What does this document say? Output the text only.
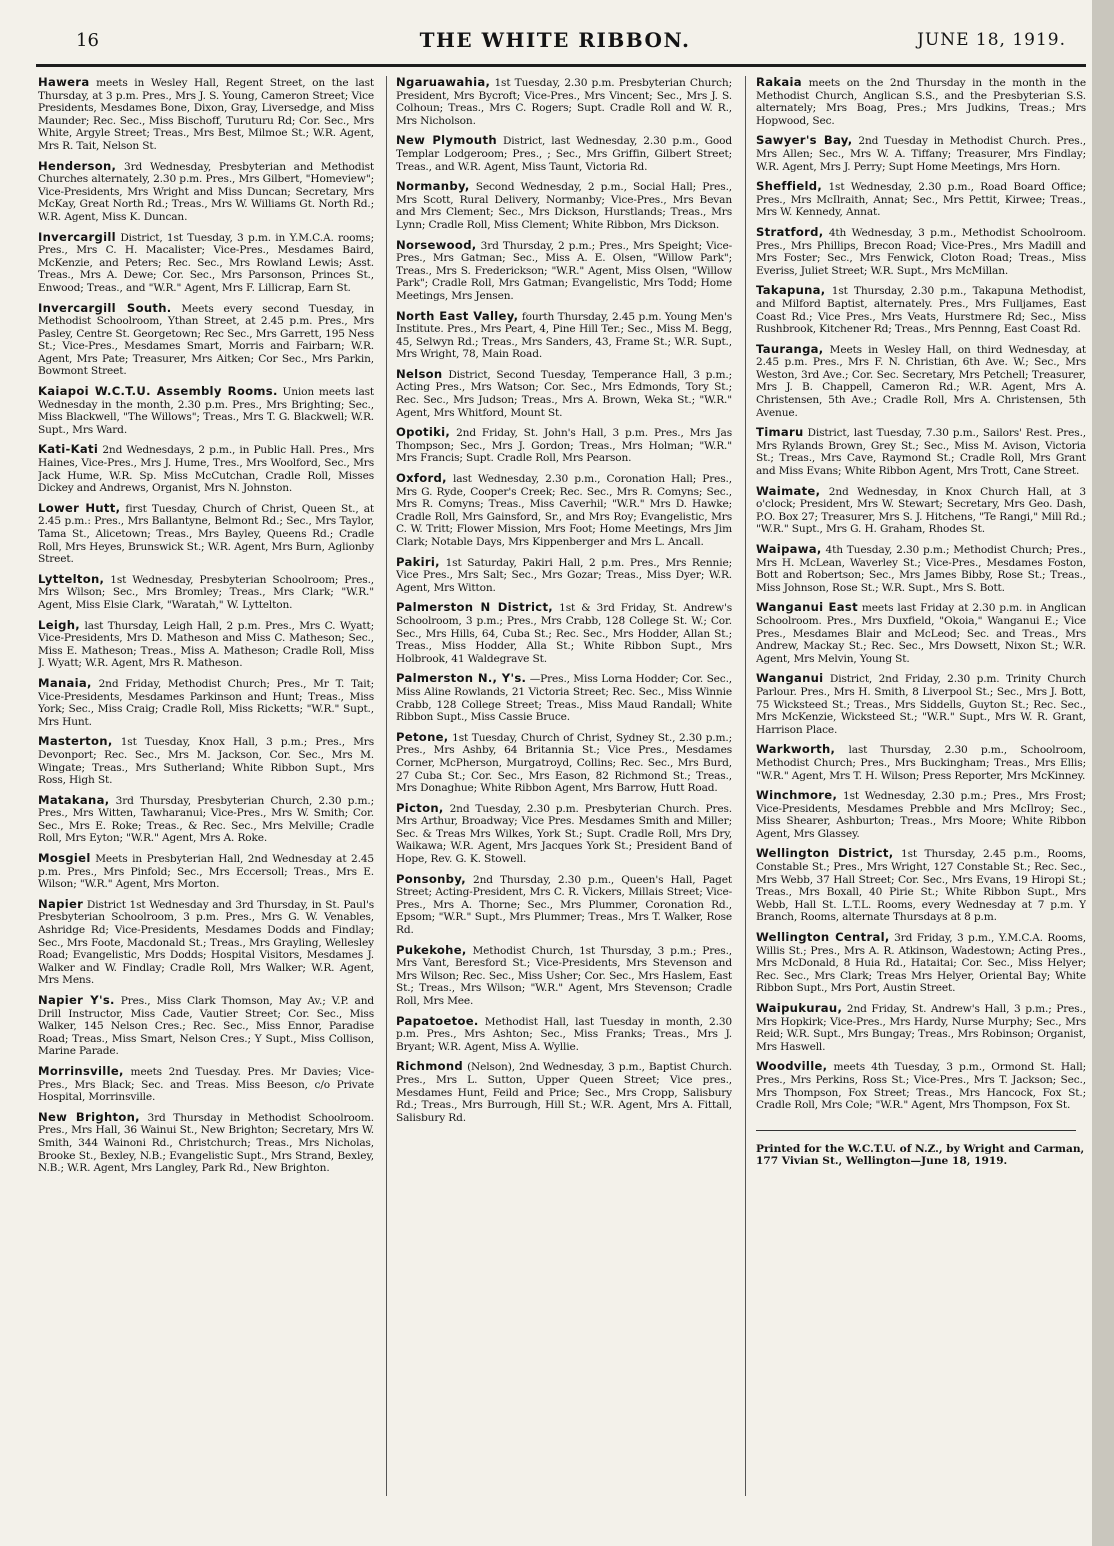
16	THE WHITE RIBBON.	JUNE 18, 1919.

Hawera meets in Wesley Hall, Regent Street, on the last Thursday, at 3 p.m. Pres., Mrs J. S. Young, Cameron Street; Vice Presidents, Mesdames Bone, Dixon, Gray, Liversedge, and Miss Maunder; Rec. Sec., Miss Bischoff, Turuturu Rd; Cor. Sec., Mrs White, Argyle Street; Treas., Mrs Best, Milmoe St.; W.R. Agent, Mrs R. Tait, Nelson St.

Henderson, 3rd Wednesday, Presbyterian and Methodist Churches alternately, 2.30 p.m. Pres., Mrs Gilbert, "Homeview"; Vice-Presidents, Mrs Wright and Miss Duncan; Secretary, Mrs McKay, Great North Rd.; Treas., Mrs W. Williams Gt. North Rd.; W.R. Agent, Miss K. Duncan.

Invercargill District, 1st Tuesday, 3 p.m. in Y.M.C.A. rooms; Pres., Mrs C. H. Macalister; Vice-Pres., Mesdames Baird, McKenzie, and Peters; Rec. Sec., Mrs Rowland Lewis; Asst. Treas., Mrs A. Dewe; Cor. Sec., Mrs Parsonson, Princes St., Enwood; Treas., and "W.R." Agent, Mrs F. Lillicrap, Earn St.

Invercargill South. Meets every second Tuesday, in Methodist Schoolroom, Ythan Street, at 2.45 p.m. Pres., Mrs Pasley, Centre St. Georgetown; Rec Sec., Mrs Garrett, 195 Ness St.; Vice-Pres., Mesdames Smart, Morris and Fairbarn; W.R. Agent, Mrs Pate; Treasurer, Mrs Aitken; Cor Sec., Mrs Parkin, Bowmont Street.

Kaiapoi W.C.T.U. Assembly Rooms. Union meets last Wednesday in the month, 2.30 p.m. Pres., Mrs Brighting; Sec., Miss Blackwell, "The Willows"; Treas., Mrs T. G. Blackwell; W.R. Supt., Mrs Ward.

Kati-Kati 2nd Wednesdays, 2 p.m., in Public Hall. Pres., Mrs Haines, Vice-Pres., Mrs J. Hume, Tres., Mrs Woolford, Sec., Mrs Jack Hume, W.R. Sp. Miss McCutchan, Cradle Roll, Misses Dickey and Andrews, Organist, Mrs N. Johnston.

Lower Hutt, first Tuesday, Church of Christ, Queen St., at 2.45 p.m.: Pres., Mrs Ballantyne, Belmont Rd.; Sec., Mrs Taylor, Tama St., Alicetown; Treas., Mrs Bayley, Queens Rd.; Cradle Roll, Mrs Heyes, Brunswick St.; W.R. Agent, Mrs Burn, Aglionby Street.

Lyttelton, 1st Wednesday, Presbyterian Schoolroom; Pres., Mrs Wilson; Sec., Mrs Bromley; Treas., Mrs Clark; "W.R." Agent, Miss Elsie Clark, "Waratah," W. Lyttelton.

Leigh, last Thursday, Leigh Hall, 2 p.m. Pres., Mrs C. Wyatt; Vice-Presidents, Mrs D. Matheson and Miss C. Matheson; Sec., Miss E. Matheson; Treas., Miss A. Matheson; Cradle Roll, Miss J. Wyatt; W.R. Agent, Mrs R. Matheson.

Manaia, 2nd Friday, Methodist Church; Pres., Mr T. Tait; Vice-Presidents, Mesdames Parkinson and Hunt; Treas., Miss York; Sec., Miss Craig; Cradle Roll, Miss Ricketts; "W.R." Supt., Mrs Hunt.

Masterton, 1st Tuesday, Knox Hall, 3 p.m.; Pres., Mrs Devonport; Rec. Sec., Mrs M. Jackson, Cor. Sec., Mrs M. Wingate; Treas., Mrs Sutherland; White Ribbon Supt., Mrs Ross, High St.

Matakana, 3rd Thursday, Presbyterian Church, 2.30 p.m.; Pres., Mrs Witten, Tawharanui; Vice-Pres., Mrs W. Smith; Cor. Sec., Mrs E. Roke; Treas., & Rec. Sec., Mrs Melville; Cradle Roll, Mrs Eyton; "W.R." Agent, Mrs A. Roke.

Mosgiel Meets in Presbyterian Hall, 2nd Wednesday at 2.45 p.m. Pres., Mrs Pinfold; Sec., Mrs Eccersoll; Treas., Mrs E. Wilson; "W.R." Agent, Mrs Morton.

Napier District 1st Wednesday and 3rd Thursday, in St. Paul's Presbyterian Schoolroom, 3 p.m. Pres., Mrs G. W. Venables, Ashridge Rd; Vice-Presidents, Mesdames Dodds and Findlay; Sec., Mrs Foote, Macdonald St.; Treas., Mrs Grayling, Wellesley Road; Evangelistic, Mrs Dodds; Hospital Visitors, Mesdames J. Walker and W. Findlay; Cradle Roll, Mrs Walker; W.R. Agent, Mrs Mens.

Napier Y's. Pres., Miss Clark Thomson, May Av.; V.P. and Drill Instructor, Miss Cade, Vautier Street; Cor. Sec., Miss Walker, 145 Nelson Cres.; Rec. Sec., Miss Ennor, Paradise Road; Treas., Miss Smart, Nelson Cres.; Y Supt., Miss Collison, Marine Parade.

Morrinsville, meets 2nd Tuesday. Pres. Mr Davies; Vice-Pres., Mrs Black; Sec. and Treas. Miss Beeson, c/o Private Hospital, Morrinsville.

New Brighton, 3rd Thursday in Methodist Schoolroom. Pres., Mrs Hall, 36 Wainui St., New Brighton; Secretary, Mrs W. Smith, 344 Wainoni Rd., Christchurch; Treas., Mrs Nicholas, Brooke St., Bexley, N.B.; Evangelistic Supt., Mrs Strand, Bexley, N.B.; W.R. Agent, Mrs Langley, Park Rd., New Brighton.

Ngaruawahia, 1st Tuesday, 2.30 p.m. Presbyterian Church; President, Mrs Bycroft; Vice-Pres., Mrs Vincent; Sec., Mrs J. S. Colhoun; Treas., Mrs C. Rogers; Supt. Cradle Roll and W. R., Mrs Nicholson.

New Plymouth District, last Wednesday, 2.30 p.m., Good Templar Lodgeroom; Pres., ; Sec., Mrs Griffin, Gilbert Street; Treas., and W.R. Agent, Miss Taunt, Victoria Rd.

Normanby, Second Wednesday, 2 p.m., Social Hall; Pres., Mrs Scott, Rural Delivery, Normanby; Vice-Pres., Mrs Bevan and Mrs Clement; Sec., Mrs Dickson, Hurstlands; Treas., Mrs Lynn; Cradle Roll, Miss Clement; White Ribbon, Mrs Dickson.

Norsewood, 3rd Thursday, 2 p.m.; Pres., Mrs Speight; Vice-Pres., Mrs Gatman; Sec., Miss A. E. Olsen, "Willow Park"; Treas., Mrs S. Frederickson; "W.R." Agent, Miss Olsen, "Willow Park"; Cradle Roll, Mrs Gatman; Evangelistic, Mrs Todd; Home Meetings, Mrs Jensen.

North East Valley, fourth Thursday, 2.45 p.m. Young Men's Institute. Pres., Mrs Peart, 4, Pine Hill Ter.; Sec., Miss M. Begg, 45, Selwyn Rd.; Treas., Mrs Sanders, 43, Frame St.; W.R. Supt., Mrs Wright, 78, Main Road.

Nelson District, Second Tuesday, Temperance Hall, 3 p.m.; Acting Pres., Mrs Watson; Cor. Sec., Mrs Edmonds, Tory St.; Rec. Sec., Mrs Judson; Treas., Mrs A. Brown, Weka St.; "W.R." Agent, Mrs Whitford, Mount St.

Opotiki, 2nd Friday, St. John's Hall, 3 p.m. Pres., Mrs Jas Thompson; Sec., Mrs J. Gordon; Treas., Mrs Holman; "W.R." Mrs Francis; Supt. Cradle Roll, Mrs Pearson.

Oxford, last Wednesday, 2.30 p.m., Coronation Hall; Pres., Mrs G. Ryde, Cooper's Creek; Rec. Sec., Mrs R. Comyns; Sec., Mrs R. Comyns; Treas., Miss Caverhil; "W.R." Mrs D. Hawke; Cradle Roll, Mrs Gainsford, Sr., and Mrs Roy; Evangelistic, Mrs C. W. Tritt; Flower Mission, Mrs Foot; Home Meetings, Mrs Jim Clark; Notable Days, Mrs Kippenberger and Mrs L. Ancall.

Pakiri, 1st Saturday, Pakiri Hall, 2 p.m. Pres., Mrs Rennie; Vice Pres., Mrs Salt; Sec., Mrs Gozar; Treas., Miss Dyer; W.R. Agent, Mrs Witton.

Palmerston N District, 1st & 3rd Friday, St. Andrew's Schoolroom, 3 p.m.; Pres., Mrs Crabb, 128 College St. W.; Cor. Sec., Mrs Hills, 64, Cuba St.; Rec. Sec., Mrs Hodder, Allan St.; Treas., Miss Hodder, Alla St.; White Ribbon Supt., Mrs Holbrook, 41 Waldegrave St.

Palmerston N., Y's. —Pres., Miss Lorna Hodder; Cor. Sec., Miss Aline Rowlands, 21 Victoria Street; Rec. Sec., Miss Winnie Crabb, 128 College Street; Treas., Miss Maud Randall; White Ribbon Supt., Miss Cassie Bruce.

Petone, 1st Tuesday, Church of Christ, Sydney St., 2.30 p.m.; Pres., Mrs Ashby, 64 Britannia St.; Vice Pres., Mesdames Corner, McPherson, Murgatroyd, Collins; Rec. Sec., Mrs Burd, 27 Cuba St.; Cor. Sec., Mrs Eason, 82 Richmond St.; Treas., Mrs Donaghue; White Ribbon Agent, Mrs Barrow, Hutt Road.

Picton, 2nd Tuesday, 2.30 p.m. Presbyterian Church. Pres. Mrs Arthur, Broadway; Vice Pres. Mesdames Smith and Miller; Sec. & Treas Mrs Wilkes, York St.; Supt. Cradle Roll, Mrs Dry, Waikawa; W.R. Agent, Mrs Jacques York St.; President Band of Hope, Rev. G. K. Stowell.

Ponsonby, 2nd Thursday, 2.30 p.m., Queen's Hall, Paget Street; Acting-President, Mrs C. R. Vickers, Millais Street; Vice-Pres., Mrs A. Thorne; Sec., Mrs Plummer, Coronation Rd., Epsom; "W.R." Supt., Mrs Plummer; Treas., Mrs T. Walker, Rose Rd.

Pukekohe, Methodist Church, 1st Thursday, 3 p.m.; Pres., Mrs Vant, Beresford St.; Vice-Presidents, Mrs Stevenson and Mrs Wilson; Rec. Sec., Miss Usher; Cor. Sec., Mrs Haslem, East St.; Treas., Mrs Wilson; "W.R." Agent, Mrs Stevenson; Cradle Roll, Mrs Mee.

Papatoetoe. Methodist Hall, last Tuesday in month, 2.30 p.m. Pres., Mrs Ashton; Sec., Miss Franks; Treas., Mrs J. Bryant; W.R. Agent, Miss A. Wyllie.

Richmond (Nelson), 2nd Wednesday, 3 p.m., Baptist Church. Pres., Mrs L. Sutton, Upper Queen Street; Vice pres., Mesdames Hunt, Feild and Price; Sec., Mrs Cropp, Salisbury Rd.; Treas., Mrs Burrough, Hill St.; W.R. Agent, Mrs A. Fittall, Salisbury Rd.

Rakaia meets on the 2nd Thursday in the month in the Methodist Church, Anglican S.S., and the Presbyterian S.S. alternately; Mrs Boag, Pres.; Mrs Judkins, Treas.; Mrs Hopwood, Sec.

Sawyer's Bay, 2nd Tuesday in Methodist Church. Pres., Mrs Allen; Sec., Mrs W. A. Tiffany; Treasurer, Mrs Findlay; W.R. Agent, Mrs J. Perry; Supt Home Meetings, Mrs Horn.

Sheffield, 1st Wednesday, 2.30 p.m., Road Board Office; Pres., Mrs McIlraith, Annat; Sec., Mrs Pettit, Kirwee; Treas., Mrs W. Kennedy, Annat.

Stratford, 4th Wednesday, 3 p.m., Methodist Schoolroom. Pres., Mrs Phillips, Brecon Road; Vice-Pres., Mrs Madill and Mrs Foster; Sec., Mrs Fenwick, Cloton Road; Treas., Miss Everiss, Juliet Street; W.R. Supt., Mrs McMillan.

Takapuna, 1st Thursday, 2.30 p.m., Takapuna Methodist, and Milford Baptist, alternately. Pres., Mrs Fulljames, East Coast Rd.; Vice Pres., Mrs Veats, Hurstmere Rd; Sec., Miss Rushbrook, Kitchener Rd; Treas., Mrs Pennng, East Coast Rd.

Tauranga, Meets in Wesley Hall, on third Wednesday, at 2.45 p.m. Pres., Mrs F. N. Christian, 6th Ave. W.; Sec., Mrs Weston, 3rd Ave.; Cor. Sec. Secretary, Mrs Petchell; Treasurer, Mrs J. B. Chappell, Cameron Rd.; W.R. Agent, Mrs A. Christensen, 5th Ave.; Cradle Roll, Mrs A. Christensen, 5th Avenue.

Timaru District, last Tuesday, 7.30 p.m., Sailors' Rest. Pres., Mrs Rylands Brown, Grey St.; Sec., Miss M. Avison, Victoria St.; Treas., Mrs Cave, Raymond St.; Cradle Roll, Mrs Grant and Miss Evans; White Ribbon Agent, Mrs Trott, Cane Street.

Waimate, 2nd Wednesday, in Knox Church Hall, at 3 o'clock; President, Mrs W. Stewart; Secretary, Mrs Geo. Dash, P.O. Box 27; Treasurer, Mrs S. J. Hitchens, "Te Rangi," Mill Rd.; "W.R." Supt., Mrs G. H. Graham, Rhodes St.

Waipawa, 4th Tuesday, 2.30 p.m.; Methodist Church; Pres., Mrs H. McLean, Waverley St.; Vice-Pres., Mesdames Foston, Bott and Robertson; Sec., Mrs James Bibby, Rose St.; Treas., Miss Johnson, Rose St.; W.R. Supt., Mrs S. Bott.

Wanganui East meets last Friday at 2.30 p.m. in Anglican Schoolroom. Pres., Mrs Duxfield, "Okoia," Wanganui E.; Vice Pres., Mesdames Blair and McLeod; Sec. and Treas., Mrs Andrew, Mackay St.; Rec. Sec., Mrs Dowsett, Nixon St.; W.R. Agent, Mrs Melvin, Young St.

Wanganui District, 2nd Friday, 2.30 p.m. Trinity Church Parlour. Pres., Mrs H. Smith, 8 Liverpool St.; Sec., Mrs J. Bott, 75 Wicksteed St.; Treas., Mrs Siddells, Guyton St.; Rec. Sec., Mrs McKenzie, Wicksteed St.; "W.R." Supt., Mrs W. R. Grant, Harrison Place.

Warkworth, last Thursday, 2.30 p.m., Schoolroom, Methodist Church; Pres., Mrs Buckingham; Treas., Mrs Ellis; "W.R." Agent, Mrs T. H. Wilson; Press Reporter, Mrs McKinney.

Winchmore, 1st Wednesday, 2.30 p.m.; Pres., Mrs Frost; Vice-Presidents, Mesdames Prebble and Mrs McIlroy; Sec., Miss Shearer, Ashburton; Treas., Mrs Moore; White Ribbon Agent, Mrs Glassey.

Wellington District, 1st Thursday, 2.45 p.m., Rooms, Constable St.; Pres., Mrs Wright, 127 Constable St.; Rec. Sec., Mrs Webb, 37 Hall Street; Cor. Sec., Mrs Evans, 19 Hiropi St.; Treas., Mrs Boxall, 40 Pirie St.; White Ribbon Supt., Mrs Webb, Hall St. L.T.L. Rooms, every Wednesday at 7 p.m. Y Branch, Rooms, alternate Thursdays at 8 p.m.

Wellington Central, 3rd Friday, 3 p.m., Y.M.C.A. Rooms, Willis St.; Pres., Mrs A. R. Atkinson, Wadestown; Acting Pres., Mrs McDonald, 8 Huia Rd., Hataitai; Cor. Sec., Miss Helyer; Rec. Sec., Mrs Clark; Treas Mrs Helyer, Oriental Bay; White Ribbon Supt., Mrs Port, Austin Street.

Waipukurau, 2nd Friday, St. Andrew's Hall, 3 p.m.; Pres., Mrs Hopkirk; Vice-Pres., Mrs Hardy, Nurse Murphy; Sec., Mrs Reid; W.R. Supt., Mrs Bungay; Treas., Mrs Robinson; Organist, Mrs Haswell.

Woodville, meets 4th Tuesday, 3 p.m., Ormond St. Hall; Pres., Mrs Perkins, Ross St.; Vice-Pres., Mrs T. Jackson; Sec., Mrs Thompson, Fox Street; Treas., Mrs Hancock, Fox St.; Cradle Roll, Mrs Cole; "W.R." Agent, Mrs Thompson, Fox St.

Printed for the W.C.T.U. of N.Z., by Wright and Carman, 177 Vivian St., Wellington—June 18, 1919.
